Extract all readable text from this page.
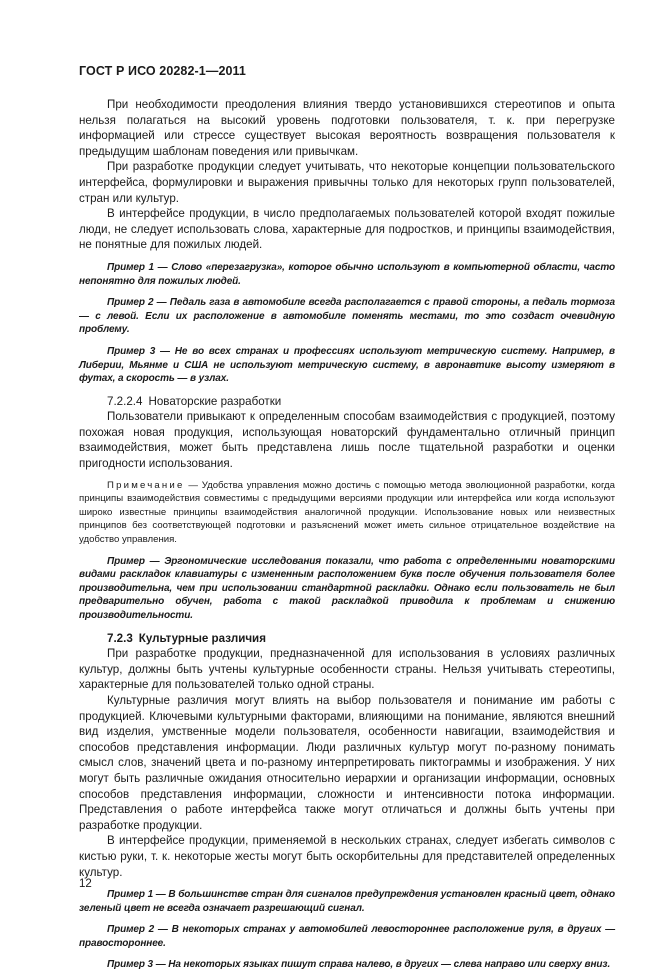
ГОСТ Р ИСО 20282-1—2011

При необходимости преодоления влияния твердо установившихся стереотипов и опыта нельзя полагаться на высокий уровень подготовки пользователя, т. к. при перегрузке информацией или стрессе существует высокая вероятность возвращения пользователя к предыдущим шаблонам поведения или привычкам.

При разработке продукции следует учитывать, что некоторые концепции пользовательского интерфейса, формулировки и выражения привычны только для некоторых групп пользователей, стран или культур.

В интерфейсе продукции, в число предполагаемых пользователей которой входят пожилые люди, не следует использовать слова, характерные для подростков, и принципы взаимодействия, не понятные для пожилых людей.

Пример 1 — Слово «перезагрузка», которое обычно используют в компьютерной области, часто непонятно для пожилых людей.

Пример 2 — Педаль газа в автомобиле всегда располагается с правой стороны, а педаль тормоза — с левой. Если их расположение в автомобиле поменять местами, то это создаст очевидную проблему.

Пример 3 — Не во всех странах и профессиях используют метрическую систему. Например, в Либерии, Мьянме и США не используют метрическую систему, в авронавтике высоту измеряют в футах, а скорость — в узлах.

7.2.2.4 Новаторские разработки

Пользователи привыкают к определенным способам взаимодействия с продукцией, поэтому похожая новая продукция, использующая новаторский фундаментально отличный принцип взаимодействия, может быть представлена лишь после тщательной разработки и оценки пригодности использования.

Примечание — Удобства управления можно достичь с помощью метода эволюционной разработки, когда принципы взаимодействия совместимы с предыдущими версиями продукции или интерфейса или когда используют широко известные принципы взаимодействия аналогичной продукции. Использование новых или неизвестных принципов без соответствующей подготовки и разъяснений может иметь сильное отрицательное воздействие на удобство управления.

Пример — Эргономические исследования показали, что работа с определенными новаторскими видами раскладок клавиатуры с измененным расположением букв после обучения пользователя более производительна, чем при использовании стандартной раскладки. Однако если пользователь не был предварительно обучен, работа с такой раскладкой приводила к проблемам и снижению производительности.

7.2.3 Культурные различия

При разработке продукции, предназначенной для использования в условиях различных культур, должны быть учтены культурные особенности страны. Нельзя учитывать стереотипы, характерные для пользователей только одной страны.

Культурные различия могут влиять на выбор пользователя и понимание им работы с продукцией. Ключевыми культурными факторами, влияющими на понимание, являются внешний вид изделия, умственные модели пользователя, особенности навигации, взаимодействия и способов представления информации. Люди различных культур могут по-разному понимать смысл слов, значений цвета и по-разному интерпретировать пиктограммы и изображения. У них могут быть различные ожидания относительно иерархии и организации информации, основных способов представления информации, сложности и интенсивности потока информации. Представления о работе интерфейса также могут отличаться и должны быть учтены при разработке продукции.

В интерфейсе продукции, применяемой в нескольких странах, следует избегать символов с кистью руки, т. к. некоторые жесты могут быть оскорбительны для представителей определенных культур.

Пример 1 — В большинстве стран для сигналов предупреждения установлен красный цвет, однако зеленый цвет не всегда означает разрешающий сигнал.

Пример 2 — В некоторых странах у автомобилей левостороннее расположение руля, в других — правостороннее.

Пример 3 — На некоторых языках пишут справа налево, в других — слева направо или сверху вниз.

12
